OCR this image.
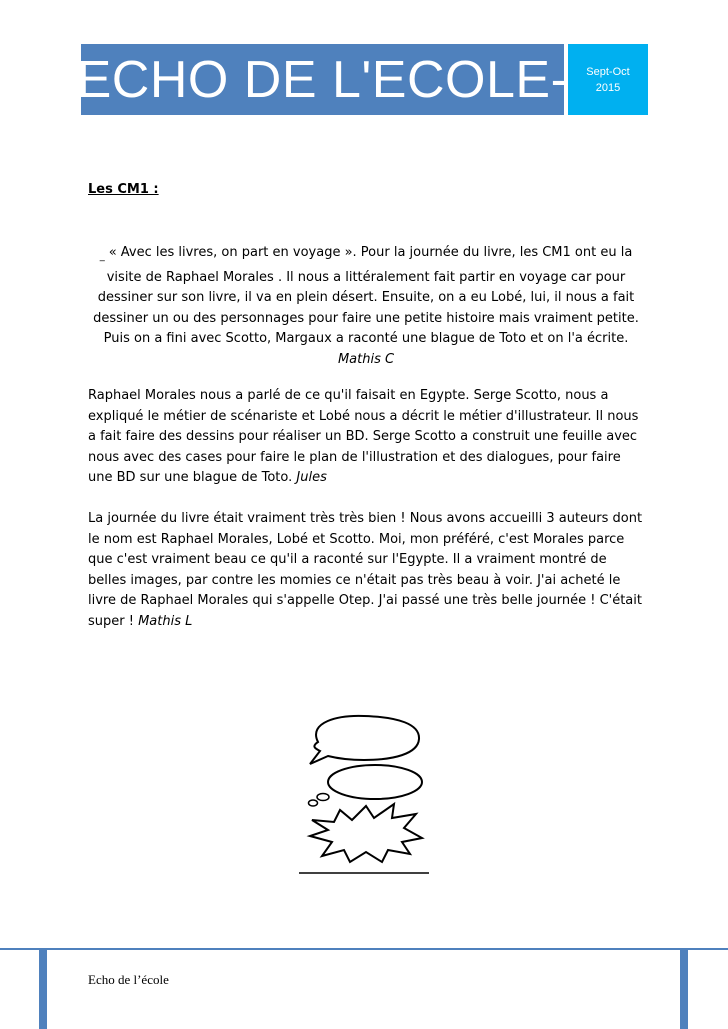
ECHO DE L'ECOLE- Sept-Oct
2015
Les CM1 :
$_{\_}$ « Avec les livres, on part en voyage ». Pour la journée du livre, les CM1 ont eu la visite de Raphael Morales . Il nous a littéralement fait partir en voyage car pour dessiner sur son livre, il va en plein désert. Ensuite, on a eu Lobé, lui, il nous a fait dessiner un ou des personnages pour faire une petite histoire mais vraiment petite. Puis on a fini avec Scotto, Margaux a raconté une blague de Toto et on l'a écrite. Mathis C
Raphael Morales nous a parlé de ce qu'il faisait en Egypte. Serge Scotto, nous a expliqué le métier de scénariste et Lobé nous a décrit le métier d'illustrateur. Il nous a fait faire des dessins pour réaliser un BD. Serge Scotto a construit une feuille avec nous avec des cases pour faire le plan de l'illustration et des dialogues, pour faire une BD sur une blague de Toto. Jules
La journée du livre était vraiment très très bien ! Nous avons accueilli 3 auteurs dont le nom est Raphael Morales, Lobé et Scotto. Moi, mon préféré, c'est Morales parce que c'est vraiment beau ce qu'il a raconté sur l'Egypte. Il a vraiment montré de belles images, par contre les momies ce n'était pas très beau à voir. J'ai acheté le livre de Raphael Morales qui s'appelle Otep. J'ai passé une très belle journée ! C'était super ! Mathis L
Echo de l’école
